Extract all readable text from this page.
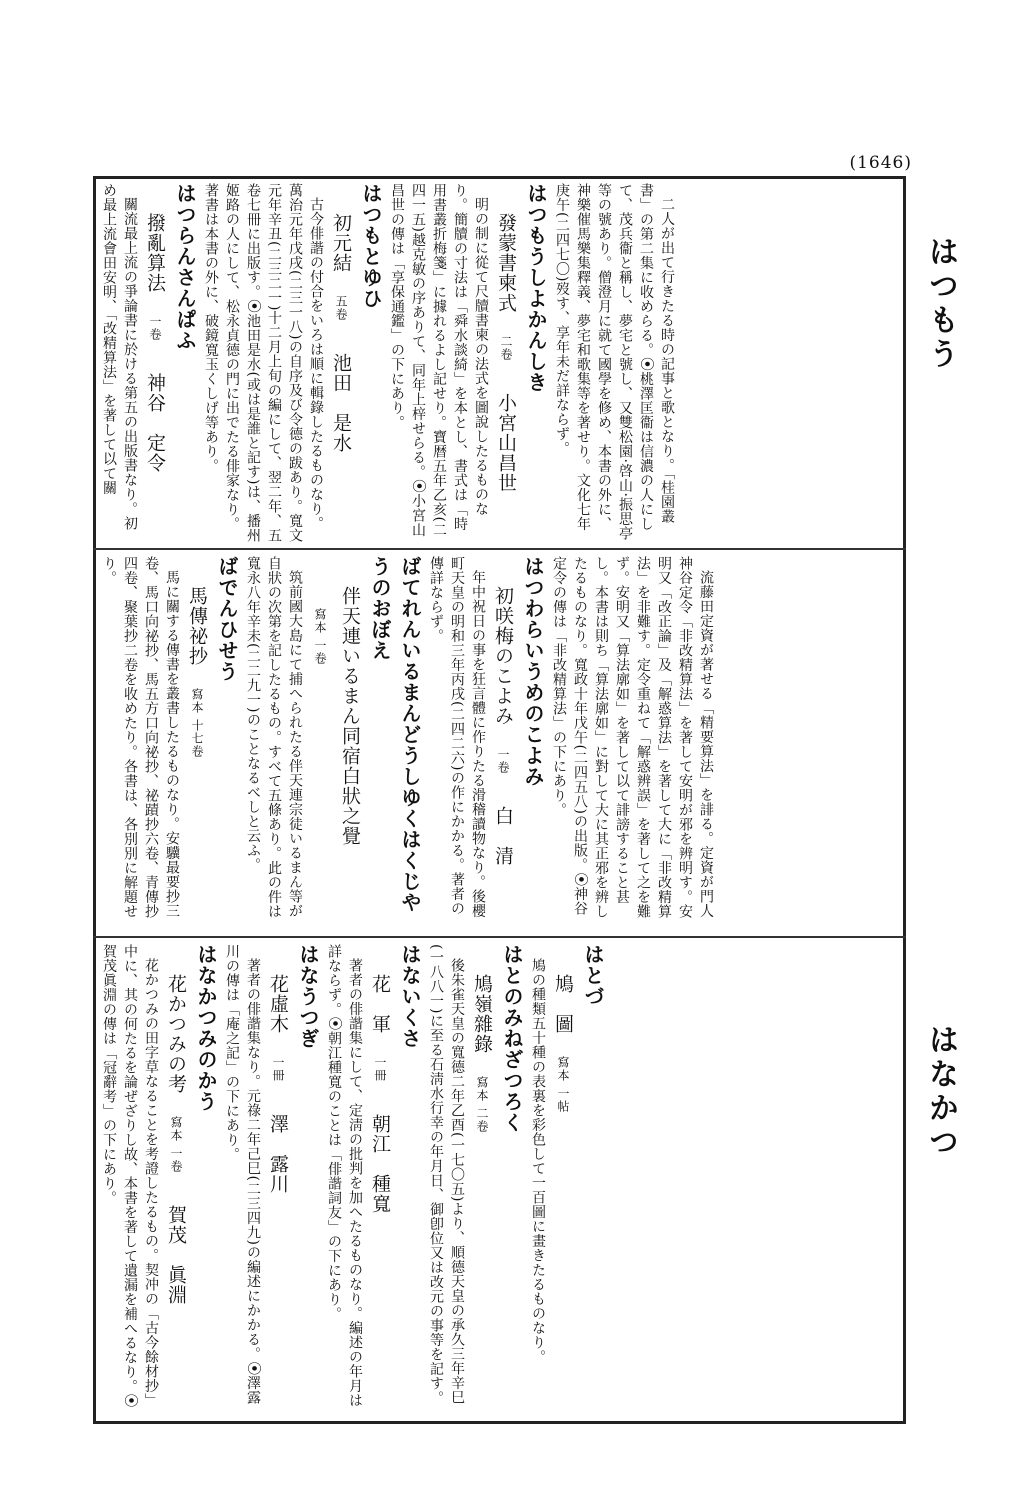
(1646)
はつもう
はなかつ
二人が出て行きたる時の記事と歌となり。「桂園叢書」の第二集に收めらる。⦿桃澤匡衞は信濃の人にして、茂兵衞と稱し、夢宅と號し、又雙松園·啓山·振思亭等の號あり。僧澄月に就て國學を修め、本書の外に、神樂催馬樂集釋義、夢宅和歌集等を著せり。文化七年庚午(二四七〇)歿す、享年未だ詳ならず。
はつもうしよかんしき
發蒙書柬式二卷小宮山昌世
明の制に從て尺牘書柬の法式を圖說したるものなり。簡牘の寸法は「舜水談綺」を本とし、書式は「時用書叢折梅箋」に據れるよし記せり。寶暦五年乙亥(二四一五)越克敏の序ありて、同年上梓せらる。⦿小宮山昌世の傳は「享保通鑑」の下にあり。
はつもとゆひ
初元結五卷池田　是水
古今俳諧の付合をいろは順に輯錄したるものなり。萬治元年戊戌(二三一八)の自序及び令德の跋あり。寬文元年辛丑(二三二一)十二月上旬の編にして、翌二年、五卷七冊に出版す。⦿池田是水(或は是誰と記す)は、播州姬路の人にして、松永貞德の門に出でたる俳家なり。著書は本書の外に、破鏡寬玉くしげ等あり。
はつらんさんぱふ
撥亂算法一卷神谷　定令
關流最上流の爭論書に於ける第五の出版書なり。初め最上流會田安明、「改精算法」を著して以て關
流藤田定資が著せる「精要算法」を誹る。定資が門人神谷定令「非改精算法」を著して安明が邪を辨明す。安明又「改正論」及「解惑算法」を著して大に「非改精算法」を非難す。定令重ねて「解惑辨誤」を著して之を難ず。安明又「算法廓如」を著して以て誹謗すること甚し。本書は則ち「算法廓如」に對して大に其正邪を辨したるものなり。寬政十年戊午(二四五八)の出版。⦿神谷定令の傳は「非改精算法」の下にあり。
はつわらいうめのこよみ
初咲梅のこよみ一卷白　清
年中祝日の事を狂言體に作りたる滑稽讀物なり。後櫻町天皇の明和三年丙戌(二四二六)の作にかかる。著者の傳詳ならず。
ばてれんいるまんどうしゆくはくじやうのおぼえ
伴天連いるまん同宿白狀之覺寫本 一卷
筑前國大島にて捕へられたる伴天連宗徒いるまん等が自狀の次第を記したるもの。すべて五條あり。此の件は寬永八年辛未(二二九一)のことなるべしと云ふ。
ばでんひせう
馬傳祕抄寫本 十七卷
馬に關する傳書を叢書したるものなり。安驥最要抄三卷、馬口向祕抄、馬五方口向祕抄、祕蹟抄六卷、青傳抄四卷、聚葉抄二卷を收めたり。各書は、各別別に解題せり。
はとづ
鳩　圖寫本 一帖
鳩の種類五十種の表裏を彩色して一百圖に畫きたるものなり。
はとのみねざつろく
鳩嶺雜錄寫本 二卷
後朱雀天皇の寬德二年乙酉(一七〇五)より、順德天皇の承久三年辛巳(一八八一)に至る石淸水行幸の年月日、御卽位又は改元の事等を記す。
はないくさ
花　軍一冊朝江　種寬
著者の俳諧集にして、定淸の批判を加へたるものなり。編述の年月は詳ならず。⦿朝江種寬のことは「俳諧詞友」の下にあり。
はなうつぎ
花虛木一冊澤　露川
著者の俳諧集なり。元祿二年己巳(二三四九)の編述にかかる。⦿澤露川の傳は「庵之記」の下にあり。
はなかつみのかう
花かつみの考寫本 一卷賀茂　眞淵
花かつみの田字草なることを考證したるもの。契冲の「古今餘材抄」中に、其の何たるを論ぜざりし故、本書を著して遺漏を補へるなり。⦿賀茂眞淵の傳は「冠辭考」の下にあり。
